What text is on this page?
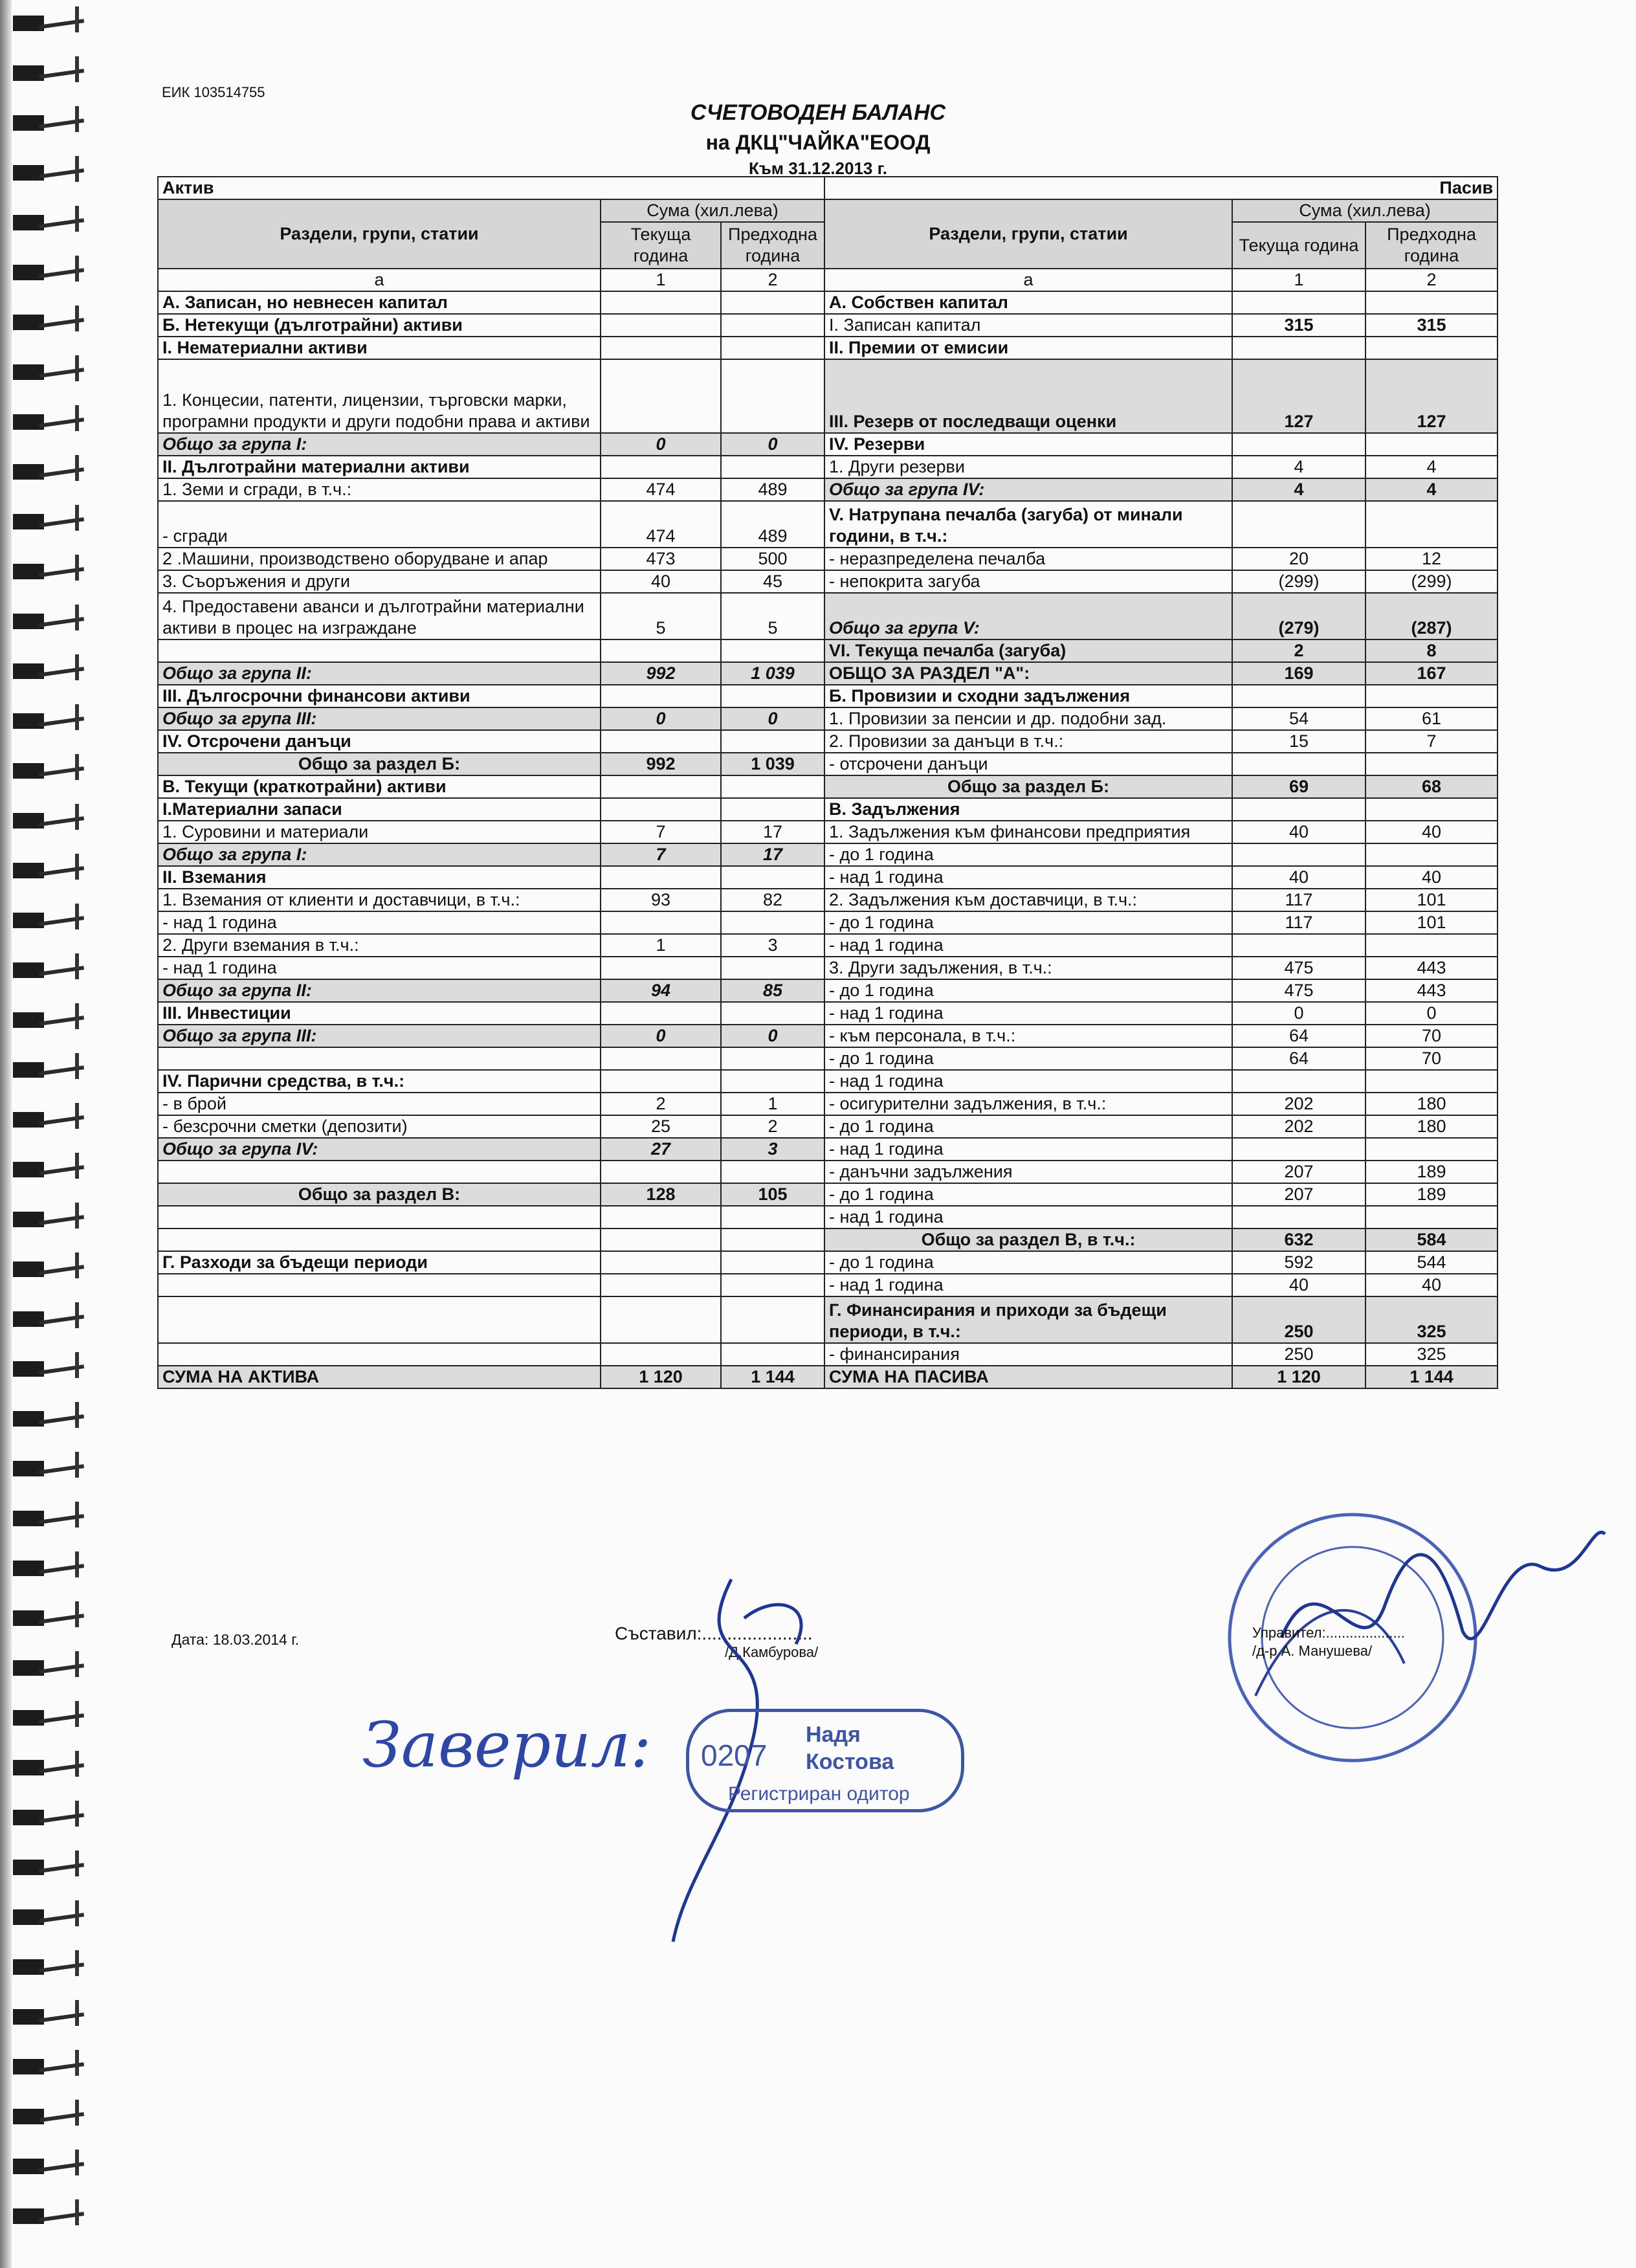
ЕИК 103514755
СЧЕТОВОДЕН БАЛАНС
на ДКЦ"ЧАЙКА"ЕООД
Към 31.12.2013 г.
Актив			Пасив		
Раздели, групи, статии	Сума (хил.лева)		Раздели, групи, статии	Сума (хил.лева)	
	Текуща година	Предходна година		Текуща година	Предходна година
а	1	2	а	1	2
А. Записан, но невнесен капитал			А. Собствен капитал		
Б. Нетекущи (дълготрайни) активи			I. Записан капитал	315	315
I. Нематериални активи			II. Премии от емисии		
1. Концесии, патенти, лицензии, търговски марки, програмни продукти и други подобни права и активи			III. Резерв от последващи оценки	127	127
Общо за група I:	0	0	IV. Резерви		
II. Дълготрайни материални активи			1. Други резерви	4	4
1. Земи и сгради, в т.ч.:	474	489	Общо за група IV:	4	4
- сгради	474	489	V. Натрупана печалба (загуба) от минали години, в т.ч.:		
2 .Машини, производствено оборудване и апар	473	500	- неразпределена печалба	20	12
3. Съоръжения и други	40	45	- непокрита загуба	(299)	(299)
4. Предоставени аванси и дълготрайни материални активи в процес на изграждане	5	5	Общо за група V:	(279)	(287)
			VI. Текуща печалба (загуба)	2	8
Общо за група II:	992	1 039	ОБЩО ЗА РАЗДЕЛ "А":	169	167
III. Дългосрочни финансови активи			Б. Провизии и сходни задължения		
Общо за група III:	0	0	1. Провизии за пенсии и др. подобни зад.	54	61
IV. Отсрочени данъци			2. Провизии за данъци в т.ч.:	15	7
Общо за раздел Б:	992	1 039	- отсрочени данъци		
В. Текущи (краткотрайни) активи			Общо за раздел Б:	69	68
I.Материални запаси			В. Задължения		
1. Суровини и материали	7	17	1. Задължения към финансови предприятия	40	40
Общо за група I:	7	17	- до 1 година		
II. Вземания			- над 1 година	40	40
1. Вземания от клиенти и доставчици, в т.ч.:	93	82	2. Задължения към доставчици, в т.ч.:	117	101
- над 1 година			- до 1 година	117	101
2. Други вземания в т.ч.:	1	3	- над 1 година		
- над 1 година			3. Други задължения, в т.ч.:	475	443
Общо за група II:	94	85	- до 1 година	475	443
III. Инвестиции			- над 1 година	0	0
Общо за група III:	0	0	- към персонала, в т.ч.:	64	70
			- до 1 година	64	70
IV. Парични средства, в т.ч.:			- над 1 година		
- в брой	2	1	- осигурителни задължения, в т.ч.:	202	180
- безсрочни сметки (депозити)	25	2	- до 1 година	202	180
Общо за група IV:	27	3	- над 1 година		
			- данъчни задължения	207	189
Общо за раздел В:	128	105	- до 1 година	207	189
			- над 1 година		
			Общо за раздел В, в т.ч.:	632	584
Г. Разходи за бъдещи периоди			- до 1 година	592	544
			- над 1 година	40	40
			Г. Финансирания и приходи за бъдещи периоди, в т.ч.:	250	325
			- финансирания	250	325
СУМА НА АКТИВА	1 120	1 144	СУМА НА ПАСИВА	1 120	1 144
Дата: 18.03.2014 г.	Съставил:......................
/Д.Камбурова/
Управител:....................
/д-р А. Манушева/
Заверил: 0207
Надя
Костова
Регистриран одитор
